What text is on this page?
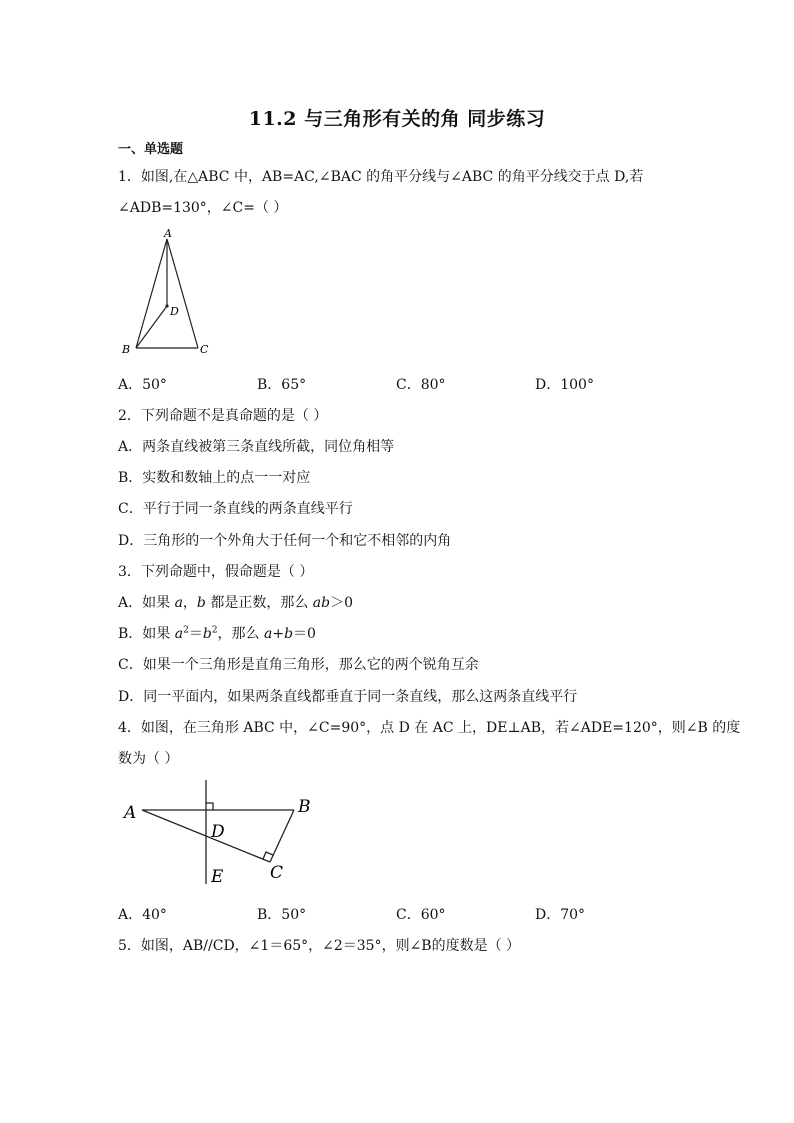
11.2 与三角形有关的角 同步练习
一、单选题
1．如图,在△ABC 中，AB=AC,∠BAC 的角平分线与∠ABC 的角平分线交于点 D,若
∠ADB=130°，∠C=（ ）
A
B	C
D
A．50°	B．65°	C．80°	D．100°
2．下列命题不是真命题的是（ ）
A．两条直线被第三条直线所截，同位角相等
B．实数和数轴上的点一一对应
C．平行于同一条直线的两条直线平行
D．三角形的一个外角大于任何一个和它不相邻的内角
3．下列命题中，假命题是（ ）
A．如果 a，b 都是正数，那么 ab＞0
B．如果 $a^2=b^2$，那么 a+b＝0
C．如果一个三角形是直角三角形，那么它的两个锐角互余
D．同一平面内，如果两条直线都垂直于同一条直线，那么这两条直线平行
4．如图，在三角形 ABC 中，∠C=90°，点 D 在 AC 上，DE⊥AB，若∠ADE=120°，则∠B 的度
数为（ ）
A	B
C
D
E
A．40°	B．50°	C．60°	D．70°
5．如图，AB//CD，∠1＝65°，∠2＝35°，则∠B的度数是（ ）
